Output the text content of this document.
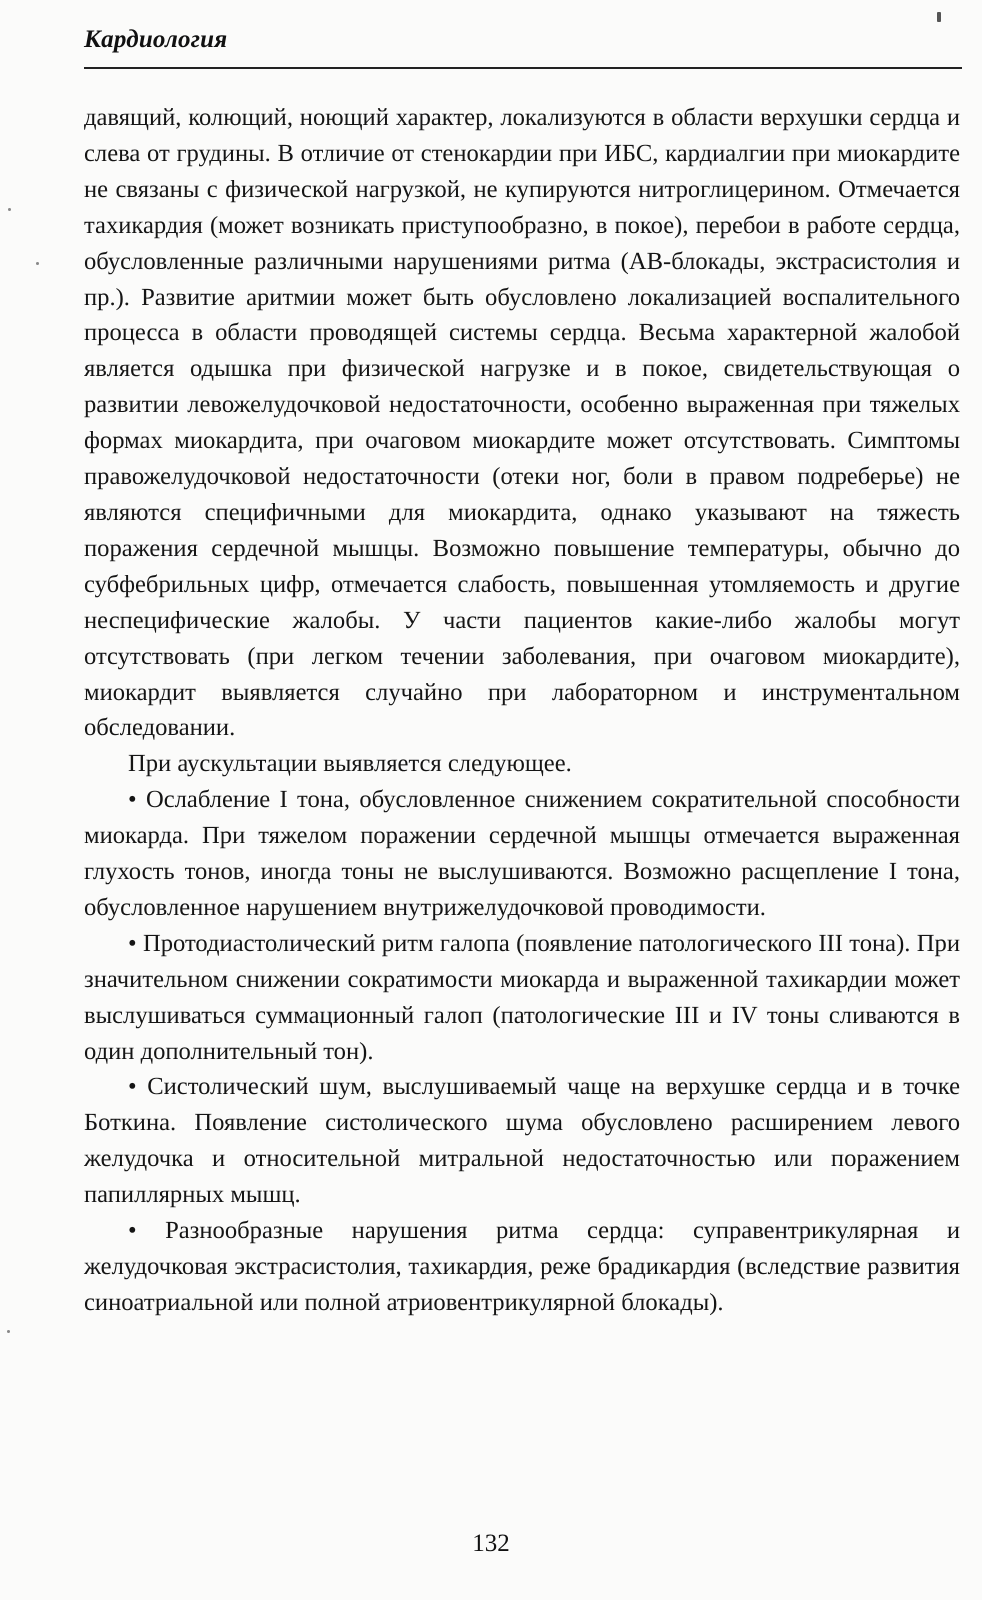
Кардиология

давящий, колющий, ноющий характер, локализуются в области верхушки сердца и слева от грудины. В отличие от стенокардии при ИБС, кардиалгии при миокардите не связаны с физической нагрузкой, не купируются нитроглицерином. Отмечается тахикардия (может возникать приступообразно, в покое), перебои в работе сердца, обусловленные различными нарушениями ритма (АВ-блокады, экстрасистолия и пр.). Развитие аритмии может быть обусловлено локализацией воспалительного процесса в области проводящей системы сердца. Весьма характерной жалобой является одышка при физической нагрузке и в покое, свидетельствующая о развитии левожелудочковой недостаточности, особенно выраженная при тяжелых формах миокардита, при очаговом миокардите может отсутствовать. Симптомы правожелудочковой недостаточности (отеки ног, боли в правом подреберье) не являются специфичными для миокардита, однако указывают на тяжесть поражения сердечной мышцы. Возможно повышение температуры, обычно до субфебрильных цифр, отмечается слабость, повышенная утомляемость и другие неспецифические жалобы. У части пациентов какие-либо жалобы могут отсутствовать (при легком течении заболевания, при очаговом миокардите), миокардит выявляется случайно при лабораторном и инструментальном обследовании.

При аускультации выявляется следующее.

• Ослабление I тона, обусловленное снижением сократительной способности миокарда. При тяжелом поражении сердечной мышцы отмечается выраженная глухость тонов, иногда тоны не выслушиваются. Возможно расщепление I тона, обусловленное нарушением внутрижелудочковой проводимости.

• Протодиастолический ритм галопа (появление патологического III тона). При значительном снижении сократимости миокарда и выраженной тахикардии может выслушиваться суммационный галоп (патологические III и IV тоны сливаются в один дополнительный тон).

• Систолический шум, выслушиваемый чаще на верхушке сердца и в точке Боткина. Появление систолического шума обусловлено расширением левого желудочка и относительной митральной недостаточностью или поражением папиллярных мышц.

• Разнообразные нарушения ритма сердца: суправентрикулярная и желудочковая экстрасистолия, тахикардия, реже брадикардия (вследствие развития синоатриальной или полной атриовентрикулярной блокады).

132
